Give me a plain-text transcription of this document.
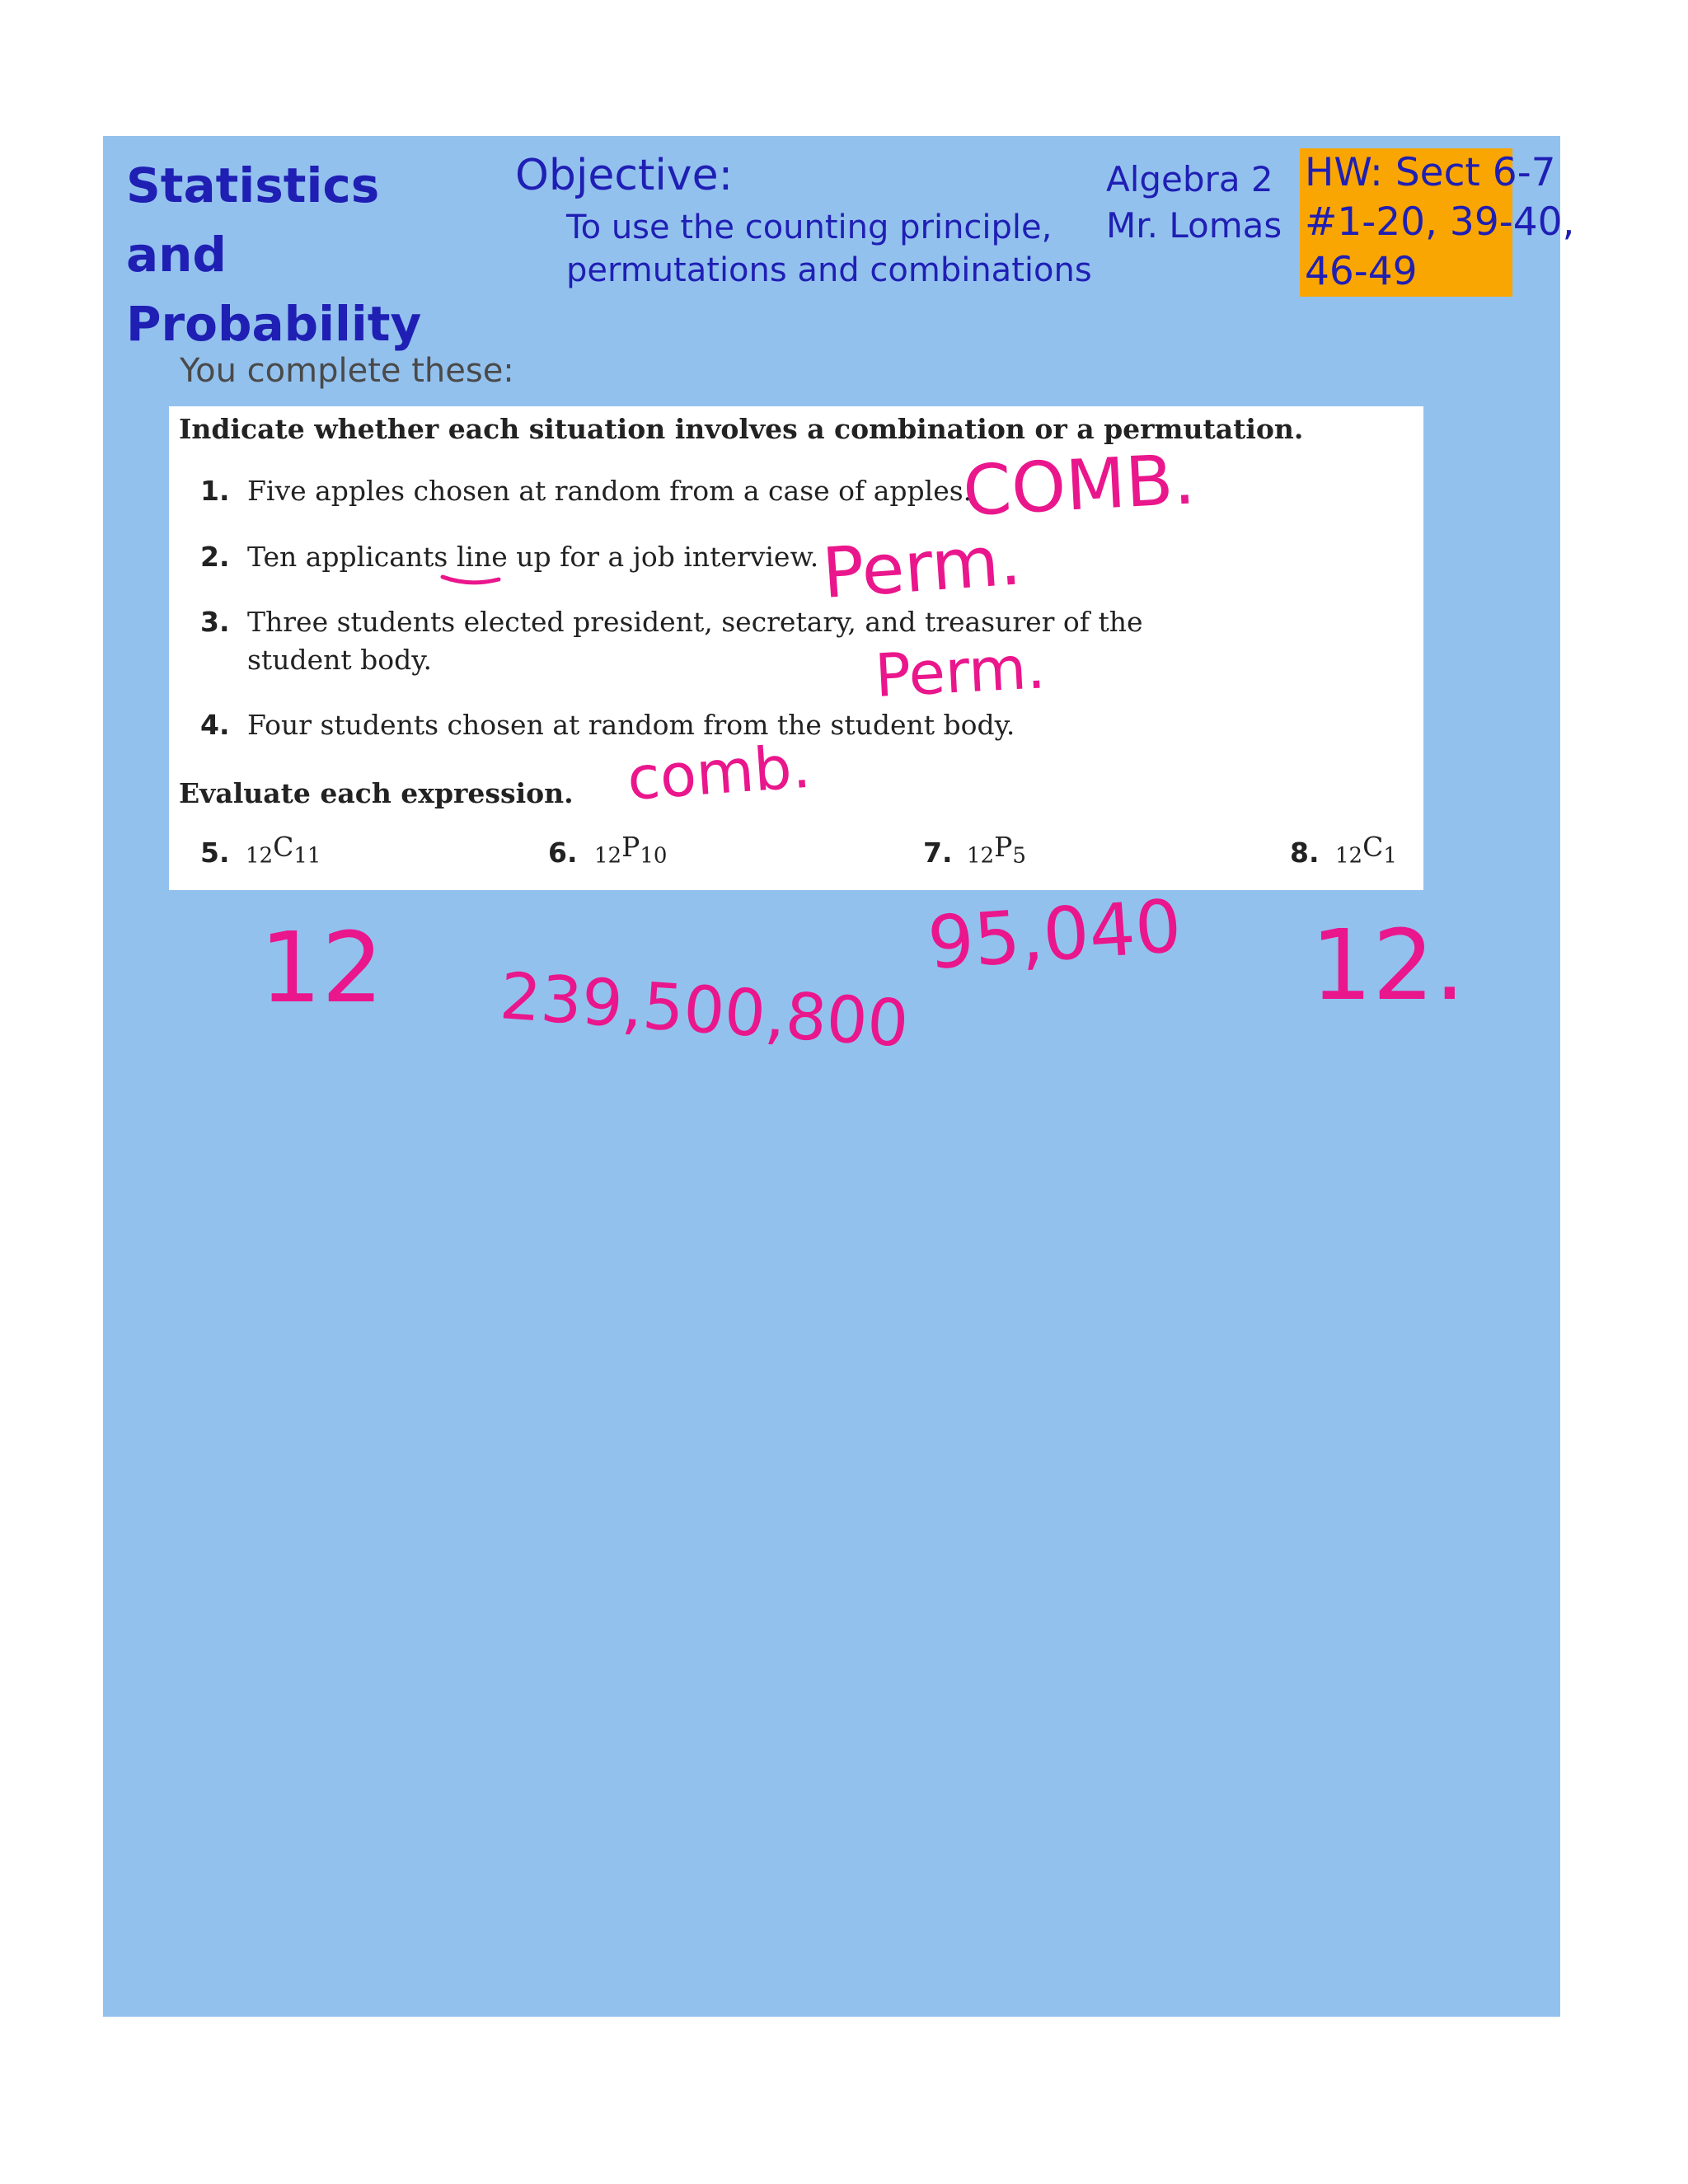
Statistics and
Probability
Objective:
To use the counting principle,
permutations and combinations
Algebra 2
Mr. Lomas
HW: Sect 6-7
#1-20, 39-40,
46-49
You complete these:
Indicate whether each situation involves a combination or a permutation.
1. Five apples chosen at random from a case of apples.
2. Ten applicants line up for a job interview.
3. Three students elected president, secretary, and treasurer of the
student body.
4. Four students chosen at random from the student body.
Evaluate each expression.
5. $_{12}C_{11}$	6. $_{12}P_{10}$	7. $_{12}P_5$	8. $_{12}C_1$
COMB.
Perm.
Perm.
comb.
12 239,500,800
95,040 12.
